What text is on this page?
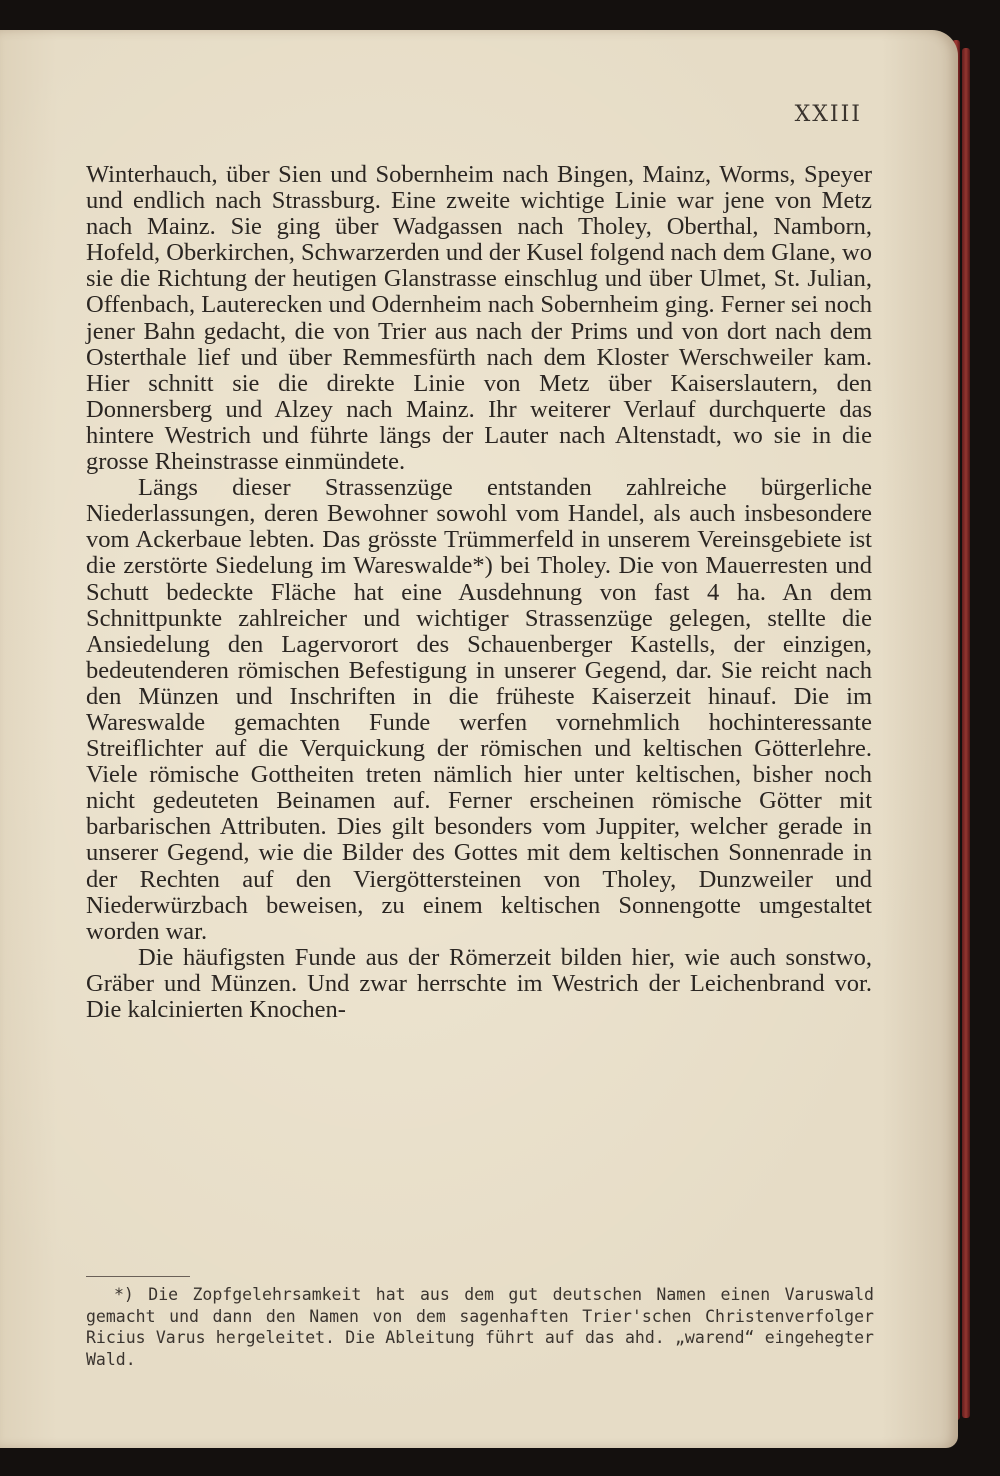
XXIII

Winterhauch, über Sien und Sobernheim nach Bingen, Mainz, Worms, Speyer und endlich nach Strassburg. Eine zweite wichtige Linie war jene von Metz nach Mainz. Sie ging über Wadgassen nach Tholey, Oberthal, Namborn, Hofeld, Oberkirchen, Schwarzerden und der Kusel folgend nach dem Glane, wo sie die Richtung der heutigen Glanstrasse einschlug und über Ulmet, St. Julian, Offenbach, Lauterecken und Odernheim nach Sobernheim ging. Ferner sei noch jener Bahn gedacht, die von Trier aus nach der Prims und von dort nach dem Osterthale lief und über Remmesfürth nach dem Kloster Werschweiler kam. Hier schnitt sie die direkte Linie von Metz über Kaiserslautern, den Donnersberg und Alzey nach Mainz. Ihr weiterer Verlauf durchquerte das hintere Westrich und führte längs der Lauter nach Altenstadt, wo sie in die grosse Rheinstrasse einmündete.

Längs dieser Strassenzüge entstanden zahlreiche bürgerliche Niederlassungen, deren Bewohner sowohl vom Handel, als auch insbesondere vom Ackerbaue lebten. Das grösste Trümmerfeld in unserem Vereinsgebiete ist die zerstörte Siedelung im Wareswalde*) bei Tholey. Die von Mauerresten und Schutt bedeckte Fläche hat eine Ausdehnung von fast 4 ha. An dem Schnittpunkte zahlreicher und wichtiger Strassenzüge gelegen, stellte die Ansiedelung den Lagervorort des Schauenberger Kastells, der einzigen, bedeutenderen römischen Befestigung in unserer Gegend, dar. Sie reicht nach den Münzen und Inschriften in die früheste Kaiserzeit hinauf. Die im Wareswalde gemachten Funde werfen vornehmlich hochinteressante Streiflichter auf die Verquickung der römischen und keltischen Götterlehre. Viele römische Gottheiten treten nämlich hier unter keltischen, bisher noch nicht gedeuteten Beinamen auf. Ferner erscheinen römische Götter mit barbarischen Attributen. Dies gilt besonders vom Juppiter, welcher gerade in unserer Gegend, wie die Bilder des Gottes mit dem keltischen Sonnenrade in der Rechten auf den Viergöttersteinen von Tholey, Dunzweiler und Niederwürzbach beweisen, zu einem keltischen Sonnengotte umgestaltet worden war.

Die häufigsten Funde aus der Römerzeit bilden hier, wie auch sonstwo, Gräber und Münzen. Und zwar herrschte im Westrich der Leichenbrand vor. Die kalcinierten Knochen-

*) Die Zopfgelehrsamkeit hat aus dem gut deutschen Namen einen Varuswald gemacht und dann den Namen von dem sagenhaften Trier'schen Christenverfolger Ricius Varus hergeleitet. Die Ableitung führt auf das ahd. „warend“ eingehegter Wald.
